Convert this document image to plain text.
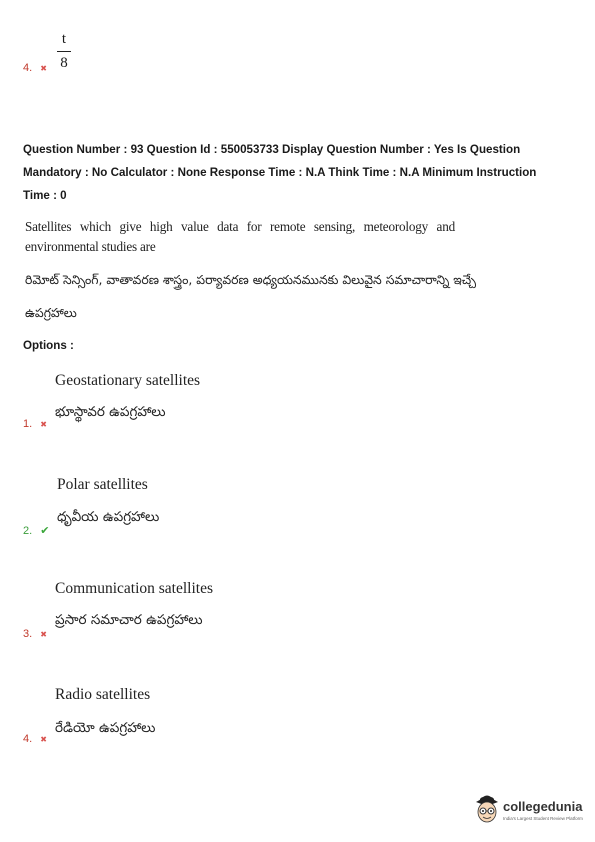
4. ✖
t
8
Question Number : 93 Question Id : 550053733 Display Question Number : Yes Is Question
Mandatory : No Calculator : None Response Time : N.A Think Time : N.A Minimum Instruction
Time : 0
Satellites which give high value data for remote sensing, meteorology and environmental studies are
రిమోట్ సెన్సింగ్, వాతావరణ శాస్త్రం, పర్యావరణ అధ్యయనమునకు విలువైన సమాచారాన్ని ఇచ్చే
ఉపగ్రహాలు
Options :
Geostationary satellites
భూస్థావర ఉపగ్రహాలు
1. ✖
Polar satellites
ధృవీయ ఉపగ్రహాలు
2. ✔
Communication satellites
ప్రసార సమాచార ఉపగ్రహాలు
3. ✖
Radio satellites
రేడియో ఉపగ్రహాలు
4. ✖
collegedunia
India's Largest Student Review Platform
